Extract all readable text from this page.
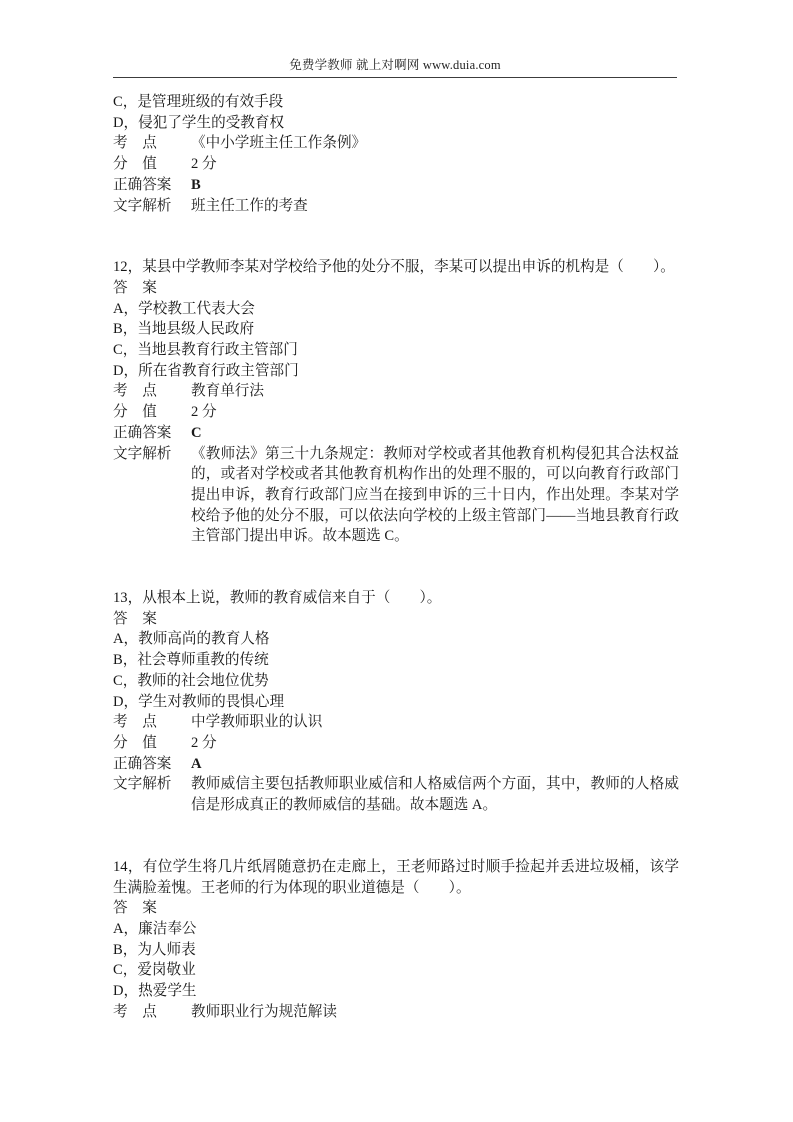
免费学教师 就上对啊网 www.duia.com
C，是管理班级的有效手段
D，侵犯了学生的受教育权
考　点 《中小学班主任工作条例》
分　值 2 分
正确答案 B
文字解析 班主任工作的考查
12，某县中学教师李某对学校给予他的处分不服，李某可以提出申诉的机构是（　　）。
答　案
A，学校教工代表大会
B，当地县级人民政府
C，当地县教育行政主管部门
D，所在省教育行政主管部门
考　点 教育单行法
分　值 2 分
正确答案 C
文字解析	《教师法》第三十九条规定：教师对学校或者其他教育机构侵犯其合法权益的，或者对学校或者其他教育机构作出的处理不服的，可以向教育行政部门提出申诉，教育行政部门应当在接到申诉的三十日内，作出处理。李某对学校给予他的处分不服，可以依法向学校的上级主管部门——当地县教育行政主管部门提出申诉。故本题选 C。
13，从根本上说，教师的教育威信来自于（　　）。
答　案
A，教师高尚的教育人格
B，社会尊师重教的传统
C，教师的社会地位优势
D，学生对教师的畏惧心理
考　点 中学教师职业的认识
分　值 2 分
正确答案 A
文字解析	教师威信主要包括教师职业威信和人格威信两个方面，其中，教师的人格威信是形成真正的教师威信的基础。故本题选 A。
14，有位学生将几片纸屑随意扔在走廊上，王老师路过时顺手捡起并丢进垃圾桶，该学生满脸羞愧。王老师的行为体现的职业道德是（　　）。
答　案
A，廉洁奉公
B，为人师表
C，爱岗敬业
D，热爱学生
考　点 教师职业行为规范解读
